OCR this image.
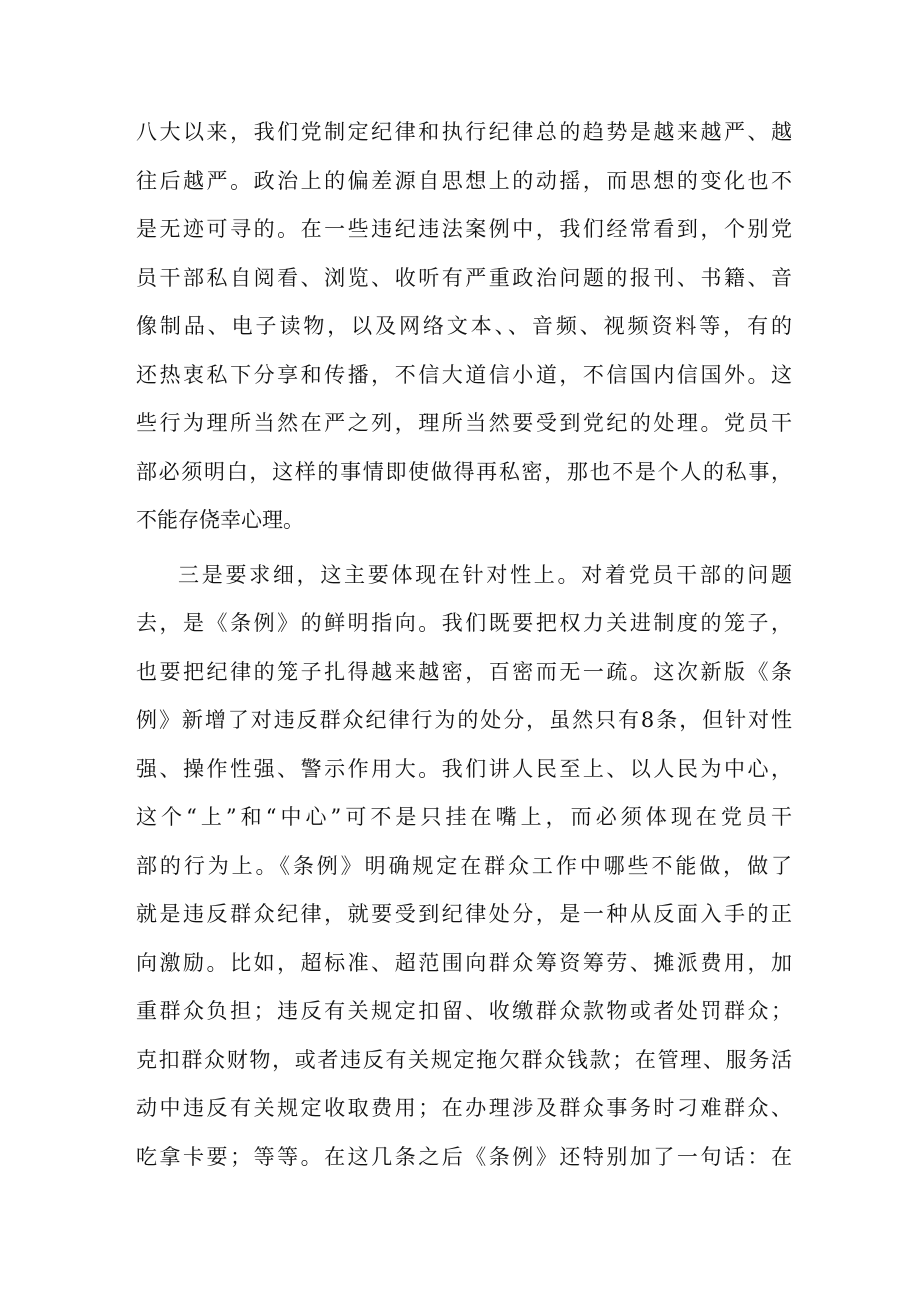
八大以来，我们党制定纪律和执行纪律总的趋势是越来越严、越
往后越严。政治上的偏差源自思想上的动摇，而思想的变化也不
是无迹可寻的。在一些违纪违法案例中，我们经常看到，个别党
员干部私自阅看、浏览、收听有严重政治问题的报刊、书籍、音
像制品、电子读物，以及网络文本、、音频、视频资料等，有的
还热衷私下分享和传播，不信大道信小道，不信国内信国外。这
些行为理所当然在严之列，理所当然要受到党纪的处理。党员干
部必须明白，这样的事情即使做得再私密，那也不是个人的私事，
不能存侥幸心理。
三是要求细，这主要体现在针对性上。对着党员干部的问题
去，是《条例》的鲜明指向。我们既要把权力关进制度的笼子，
也要把纪律的笼子扎得越来越密，百密而无一疏。这次新版《条
例》新增了对违反群众纪律行为的处分，虽然只有8条，但针对性
强、操作性强、警示作用大。我们讲人民至上、以人民为中心，
这个“上”和“中心”可不是只挂在嘴上，而必须体现在党员干
部的行为上。《条例》明确规定在群众工作中哪些不能做，做了
就是违反群众纪律，就要受到纪律处分，是一种从反面入手的正
向激励。比如，超标准、超范围向群众筹资筹劳、摊派费用，加
重群众负担；违反有关规定扣留、收缴群众款物或者处罚群众；
克扣群众财物，或者违反有关规定拖欠群众钱款；在管理、服务活
动中违反有关规定收取费用；在办理涉及群众事务时刁难群众、
吃拿卡要；等等。在这几条之后《条例》还特别加了一句话：在
